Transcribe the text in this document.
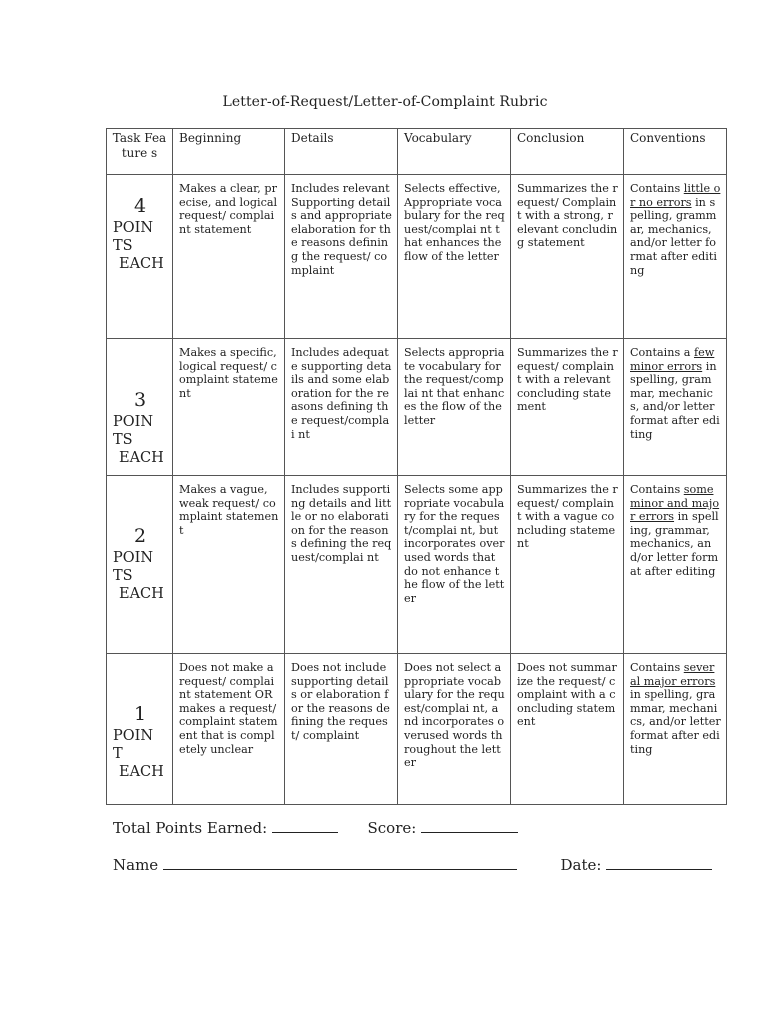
Letter-of-Request/Letter-of-Complaint Rubric
Task Feature s	Beginning	Details	Vocabulary	Conclusion	Conventions

4
POIN TS
EACH	Makes a clear, precise, and logical request/ complaint statement	Includes relevant Supporting details and appropriate elaboration for the reasons defining the request/ complaint	Selects effective, Appropriate vocabulary for the request/complai nt that enhances the flow of the letter	Summarizes the request/ Complaint with a strong, relevant concluding statement	Contains little or no errors in spelling, grammar, mechanics, and/or letter format after editing

3
POIN TS
EACH	Makes a specific, logical request/ complaint statement	Includes adequate supporting details and some elaboration for the reasons defining the request/complai nt	Selects appropriate vocabulary for the request/complai nt that enhances the flow of the letter	Summarizes the request/ complaint with a relevant concluding statement	Contains a few minor errors in spelling, grammar, mechanics, and/or letter format after editing

2
POIN TS
EACH	Makes a vague, weak request/ complaint statement	Includes supporting details and little or no elaboration for the reasons defining the request/complai nt	Selects some appropriate vocabulary for the request/complai nt, but incorporates overused words that do not enhance the flow of the letter	Summarizes the request/ complaint with a vague concluding statement	Contains some minor and major errors in spelling, grammar, mechanics, and/or letter format after editing

1
POIN T
EACH	Does not make a request/ complaint statement OR makes a request/ complaint statement that is completely unclear	Does not include supporting details or elaboration for the reasons defining the request/ complaint	Does not select appropriate vocabulary for the request/complai nt, and incorporates overused words throughout the letter	Does not summarize the request/ complaint with a concluding statement	Contains several major errors in spelling, grammar, mechanics, and/or letter format after editing
Total Points Earned:	Score:
Name	Date:
